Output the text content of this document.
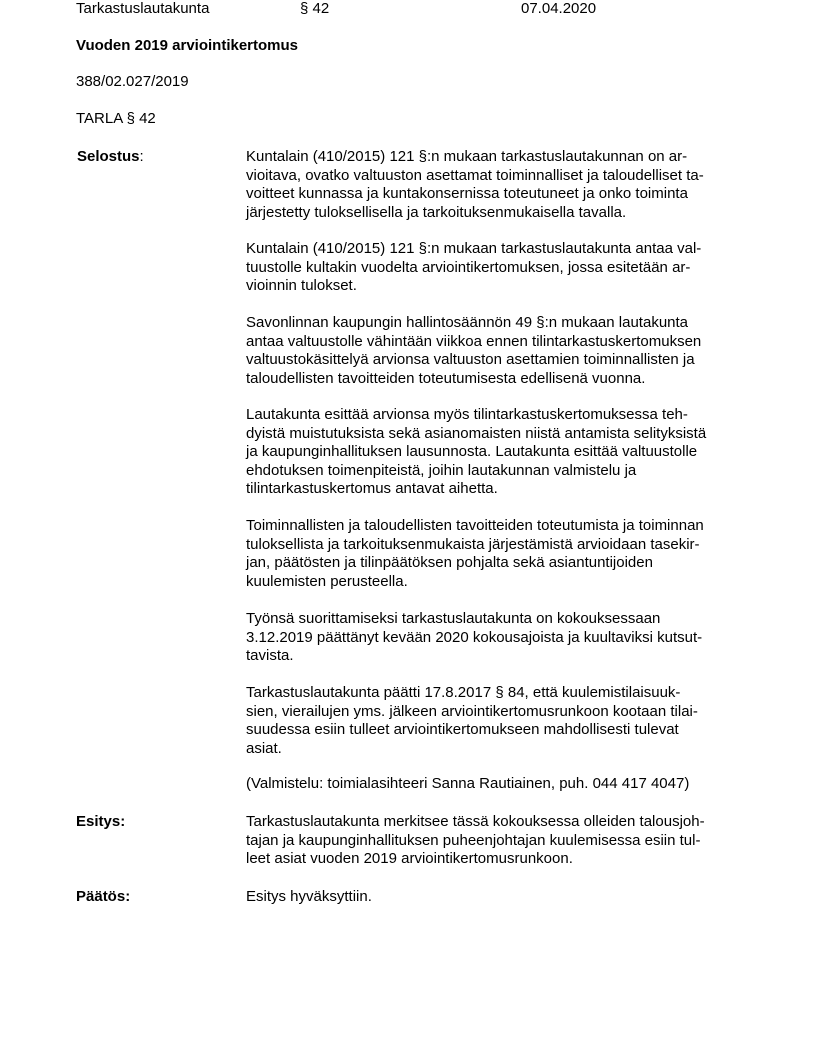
Tarkastuslautakunta	§ 42	07.04.2020
Vuoden 2019 arviointikertomus
388/02.027/2019
TARLA § 42
Selostus:	Kuntalain (410/2015) 121 §:n mukaan tarkastuslautakunnan on ar-
vioitava, ovatko valtuuston asettamat toiminnalliset ja taloudelliset ta-
voitteet kunnassa ja kuntakonsernissa toteutuneet ja onko toiminta
järjestetty tuloksellisella ja tarkoituksenmukaisella tavalla.
Kuntalain (410/2015) 121 §:n mukaan tarkastuslautakunta antaa val-
tuustolle kultakin vuodelta arviointikertomuksen, jossa esitetään ar-
vioinnin tulokset.
Savonlinnan kaupungin hallintosäännön 49 §:n mukaan lautakunta
antaa valtuustolle vähintään viikkoa ennen tilintarkastuskertomuksen
valtuustokäsittelyä arvionsa valtuuston asettamien toiminnallisten ja
taloudellisten tavoitteiden toteutumisesta edellisenä vuonna.
Lautakunta esittää arvionsa myös tilintarkastuskertomuksessa teh-
dyistä muistutuksista sekä asianomaisten niistä antamista selityksistä
ja kaupunginhallituksen lausunnosta. Lautakunta esittää valtuustolle
ehdotuksen toimenpiteistä, joihin lautakunnan valmistelu ja
tilintarkastuskertomus antavat aihetta.
Toiminnallisten ja taloudellisten tavoitteiden toteutumista ja toiminnan
tuloksellista ja tarkoituksenmukaista järjestämistä arvioidaan tasekir-
jan, päätösten ja tilinpäätöksen pohjalta sekä asiantuntijoiden
kuulemisten perusteella.
Työnsä suorittamiseksi tarkastuslautakunta on kokouksessaan
3.12.2019 päättänyt kevään 2020 kokousajoista ja kuultaviksi kutsut-
tavista.
Tarkastuslautakunta päätti 17.8.2017 § 84, että kuulemistilaisuuk-
sien, vierailujen yms. jälkeen arviointikertomusrunkoon kootaan tilai-
suudessa esiin tulleet arviointikertomukseen mahdollisesti tulevat
asiat.
(Valmistelu: toimialasihteeri Sanna Rautiainen, puh. 044 417 4047)
Esitys:	Tarkastuslautakunta merkitsee tässä kokouksessa olleiden talousjoh-
tajan ja kaupunginhallituksen puheenjohtajan kuulemisessa esiin tul-
leet asiat vuoden 2019 arviointikertomusrunkoon.
Päätös:	Esitys hyväksyttiin.
